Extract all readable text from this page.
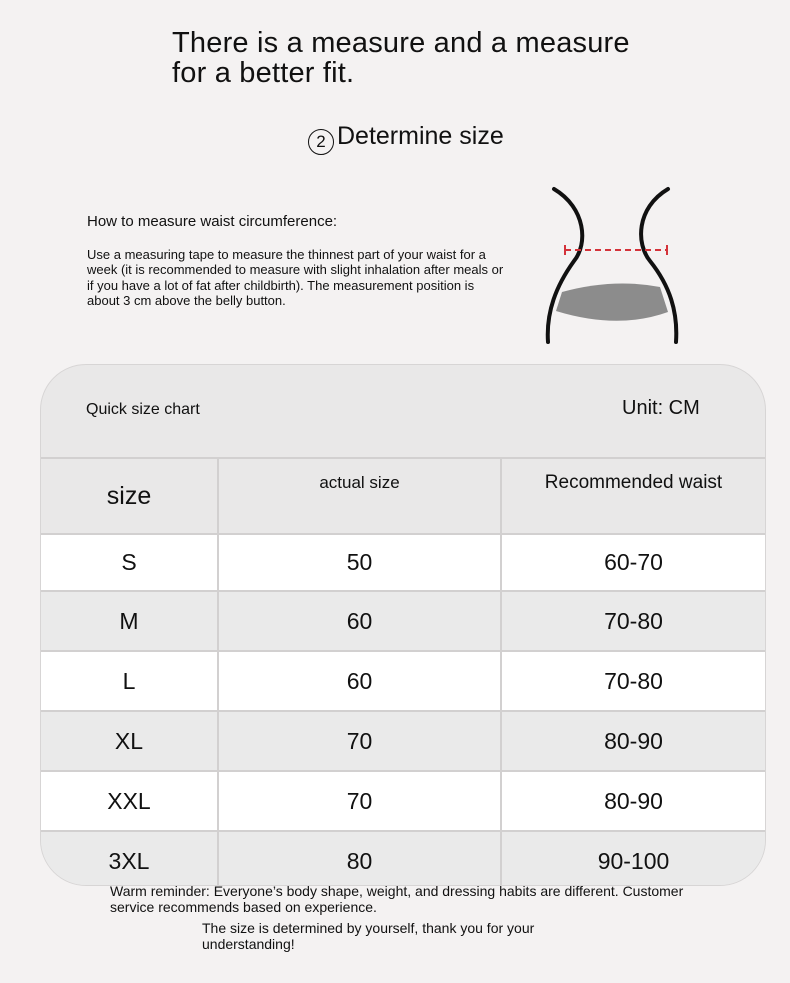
There is a measure and a measure
for a better fit.
2 Determine size
How to measure waist circumference:
Use a measuring tape to measure the thinnest part of your waist for a week (it is recommended to measure with slight inhalation after meals or if you have a lot of fat after childbirth). The measurement position is about 3 cm above the belly button.
Quick size chart	Unit: CM
size	actual size	Recommended waist
S	50	60-70
M	60	70-80
L	60	70-80
XL	70	80-90
XXL	70	80-90
3XL	80	90-100
Warm reminder: Everyone’s body shape, weight, and dressing habits are different. Customer service recommends based on experience.
The size is determined by yourself, thank you for your understanding!
